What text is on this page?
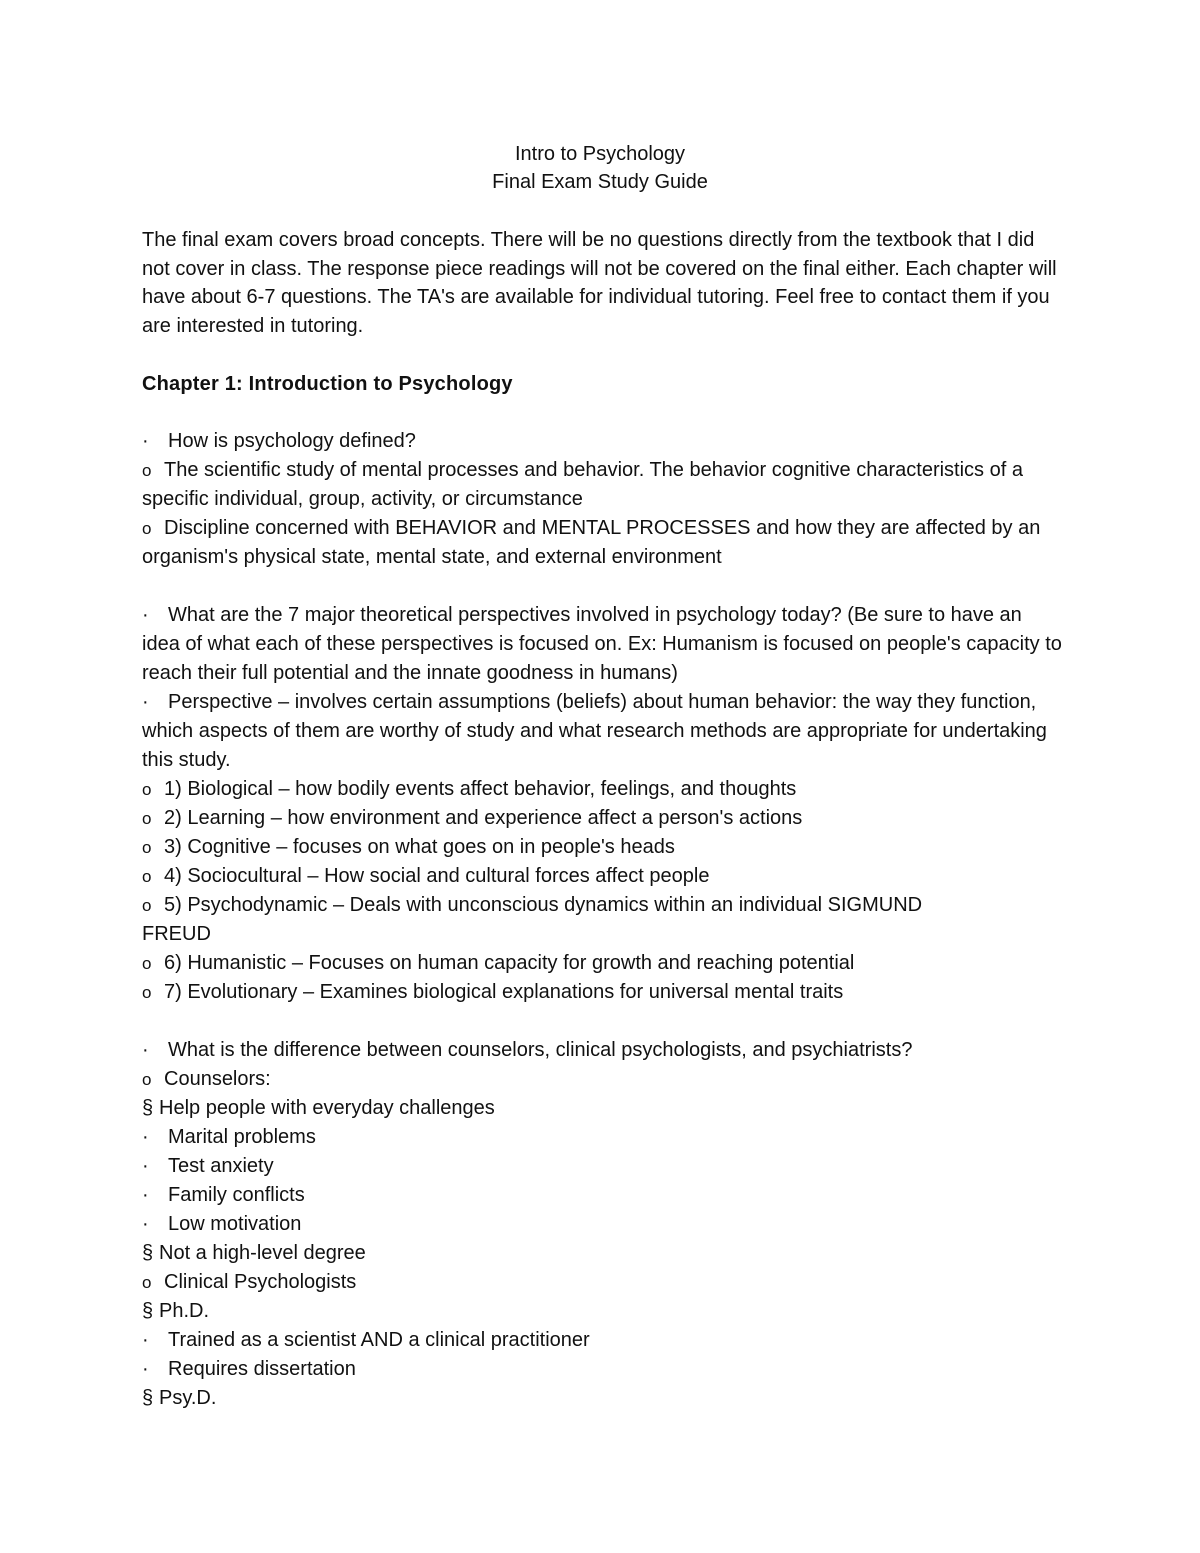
Intro to Psychology
Final Exam Study Guide
The final exam covers broad concepts. There will be no questions directly from the textbook that I did not cover in class. The response piece readings will not be covered on the final either. Each chapter will have about 6-7 questions. The TA's are available for individual tutoring. Feel free to contact them if you are interested in tutoring.
Chapter 1: Introduction to Psychology
· How is psychology defined?
o The scientific study of mental processes and behavior. The behavior cognitive characteristics of a specific individual, group, activity, or circumstance
o Discipline concerned with BEHAVIOR and MENTAL PROCESSES and how they are affected by an organism's physical state, mental state, and external environment
· What are the 7 major theoretical perspectives involved in psychology today? (Be sure to have an idea of what each of these perspectives is focused on. Ex: Humanism is focused on people's capacity to reach their full potential and the innate goodness in humans)
· Perspective – involves certain assumptions (beliefs) about human behavior: the way they function, which aspects of them are worthy of study and what research methods are appropriate for undertaking this study.
o 1) Biological – how bodily events affect behavior, feelings, and thoughts
o 2) Learning – how environment and experience affect a person's actions
o 3) Cognitive – focuses on what goes on in people's heads
o 4) Sociocultural – How social and cultural forces affect people
o 5) Psychodynamic – Deals with unconscious dynamics within an individual SIGMUND FREUD
o 6) Humanistic – Focuses on human capacity for growth and reaching potential
o 7) Evolutionary – Examines biological explanations for universal mental traits
· What is the difference between counselors, clinical psychologists, and psychiatrists?
o Counselors:
§ Help people with everyday challenges
· Marital problems
· Test anxiety
· Family conflicts
· Low motivation
§ Not a high-level degree
o Clinical Psychologists
§ Ph.D.
· Trained as a scientist AND a clinical practitioner
· Requires dissertation
§ Psy.D.
